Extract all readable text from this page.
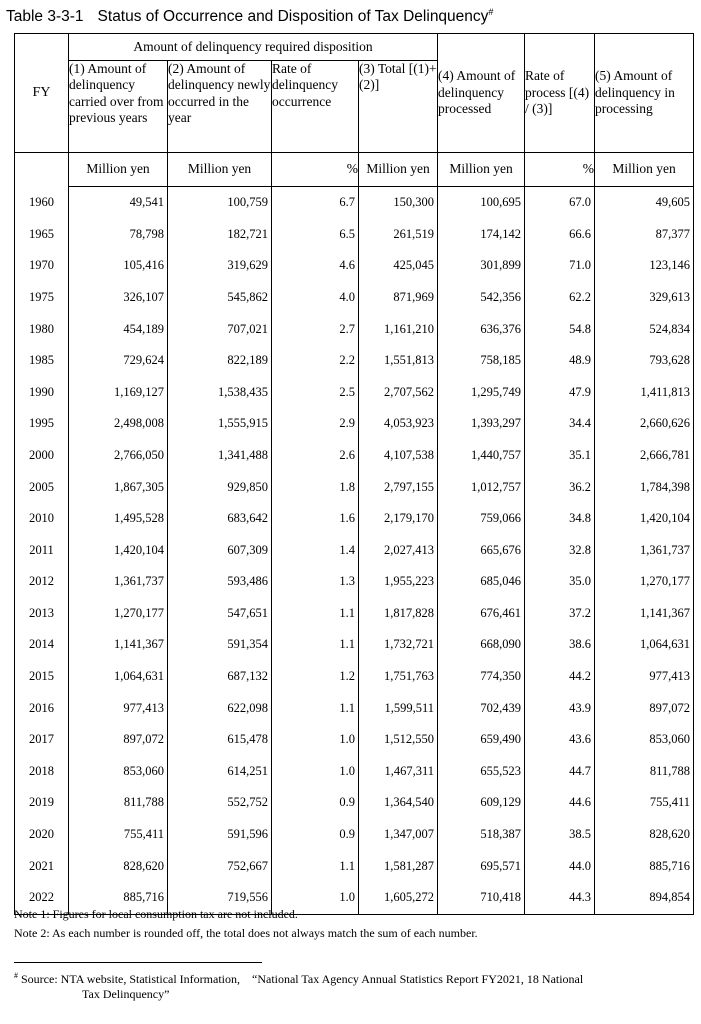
Table 3-3-1 Status of Occurrence and Disposition of Tax Delinquency#
FY	Amount of delinquency required disposition				(4) Amount of delinquency processed	Rate of process [(4) / (3)]	(5) Amount of delinquency in processing
	(1) Amount of delinquency carried over from previous years	(2) Amount of delinquency newly occurred in the year	Rate of delinquency occurrence	(3) Total [(1)+(2)]			
	Million yen	Million yen	%	Million yen	Million yen	%	Million yen
1960	49,541	100,759	6.7	150,300	100,695	67.0	49,605
1965	78,798	182,721	6.5	261,519	174,142	66.6	87,377
1970	105,416	319,629	4.6	425,045	301,899	71.0	123,146
1975	326,107	545,862	4.0	871,969	542,356	62.2	329,613
1980	454,189	707,021	2.7	1,161,210	636,376	54.8	524,834
1985	729,624	822,189	2.2	1,551,813	758,185	48.9	793,628
1990	1,169,127	1,538,435	2.5	2,707,562	1,295,749	47.9	1,411,813
1995	2,498,008	1,555,915	2.9	4,053,923	1,393,297	34.4	2,660,626
2000	2,766,050	1,341,488	2.6	4,107,538	1,440,757	35.1	2,666,781
2005	1,867,305	929,850	1.8	2,797,155	1,012,757	36.2	1,784,398
2010	1,495,528	683,642	1.6	2,179,170	759,066	34.8	1,420,104
2011	1,420,104	607,309	1.4	2,027,413	665,676	32.8	1,361,737
2012	1,361,737	593,486	1.3	1,955,223	685,046	35.0	1,270,177
2013	1,270,177	547,651	1.1	1,817,828	676,461	37.2	1,141,367
2014	1,141,367	591,354	1.1	1,732,721	668,090	38.6	1,064,631
2015	1,064,631	687,132	1.2	1,751,763	774,350	44.2	977,413
2016	977,413	622,098	1.1	1,599,511	702,439	43.9	897,072
2017	897,072	615,478	1.0	1,512,550	659,490	43.6	853,060
2018	853,060	614,251	1.0	1,467,311	655,523	44.7	811,788
2019	811,788	552,752	0.9	1,364,540	609,129	44.6	755,411
2020	755,411	591,596	0.9	1,347,007	518,387	38.5	828,620
2021	828,620	752,667	1.1	1,581,287	695,571	44.0	885,716
2022	885,716	719,556	1.0	1,605,272	710,418	44.3	894,854
Note 1: Figures for local consumption tax are not included.
Note 2: As each number is rounded off, the total does not always match the sum of each number.
# Source: NTA website, Statistical Information,    “National Tax Agency Annual Statistics Report FY2021, 18 National
Tax Delinquency”
